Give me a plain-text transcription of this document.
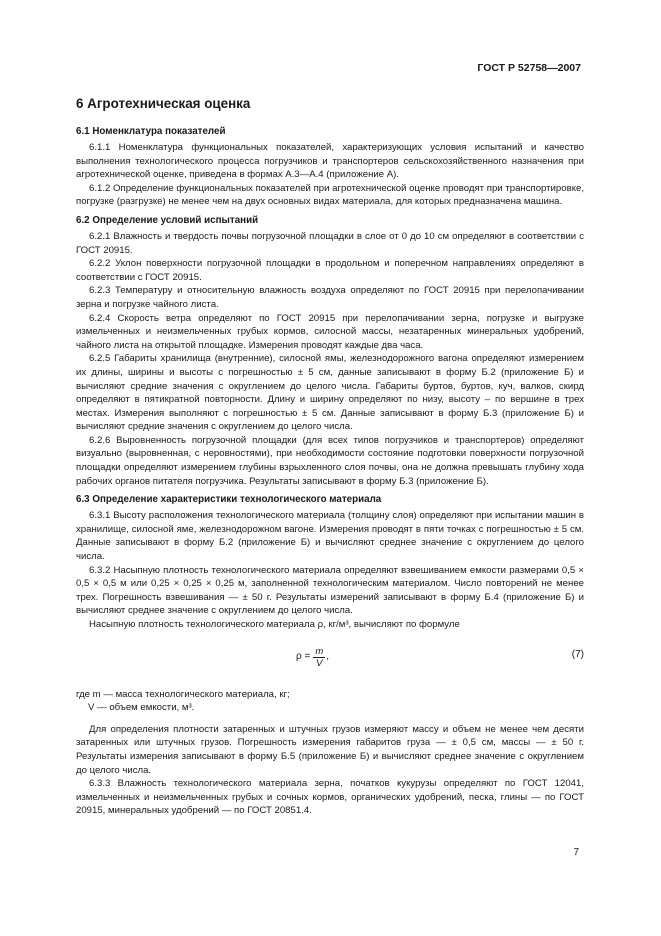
ГОСТ Р 52758—2007
6 Агротехническая оценка
6.1 Номенклатура показателей

6.1.1 Номенклатура функциональных показателей, характеризующих условия испытаний и качество выполнения технологического процесса погрузчиков и транспортеров сельскохозяйственного назначения при агротехнической оценке, приведена в формах А.3—А.4 (приложение А).

6.1.2 Определение функциональных показателей при агротехнической оценке проводят при транспортировке, погрузке (разгрузке) не менее чем на двух основных видах материала, для которых предназначена машина.

6.2 Определение условий испытаний

6.2.1 Влажность и твердость почвы погрузочной площадки в слое от 0 до 10 см определяют в соответствии с ГОСТ 20915.

6.2.2 Уклон поверхности погрузочной площадки в продольном и поперечном направлениях определяют в соответствии с ГОСТ 20915.

6.2.3 Температуру и относительную влажность воздуха определяют по ГОСТ 20915 при перелопачивании зерна и погрузке чайного листа.

6.2.4 Скорость ветра определяют по ГОСТ 20915 при перелопачивании зерна, погрузке и выгрузке измельченных и неизмельченных грубых кормов, силосной массы, незатаренных минеральных удобрений, чайного листа на открытой площадке. Измерения проводят каждые два часа.

6.2.5 Габариты хранилища (внутренние), силосной ямы, железнодорожного вагона определяют измерением их длины, ширины и высоты с погрешностью ± 5 см, данные записывают в форму Б.2 (приложение Б) и вычисляют средние значения с округлением до целого числа. Габариты буртов, буртов, куч, валков, скирд определяют в пятикратной повторности. Длину и ширину определяют по низу, высоту – по вершине в трех местах. Измерения выполняют с погрешностью ± 5 см. Данные записывают в форму Б.3 (приложение Б) и вычисляют средние значения с округлением до целого числа.

6.2.6 Выровненность погрузочной площадки (для всех типов погрузчиков и транспортеров) определяют визуально (выровненная, с неровностями), при необходимости состояние подготовки поверхности погрузочной площадки определяют измерением глубины взрыхленного слоя почвы, она не должна превышать глубину хода рабочих органов питателя погрузчика. Результаты записывают в форму Б.3 (приложение Б).

6.3 Определение характеристики технологического материала

6.3.1 Высоту расположения технологического материала (толщину слоя) определяют при испытании машин в хранилище, силосной яме, железнодорожном вагоне. Измерения проводят в пяти точках с погрешностью ± 5 см. Данные записывают в форму Б.2 (приложение Б) и вычисляют среднее значение с округлением до целого числа.

6.3.2 Насыпную плотность технологического материала определяют взвешиванием емкости размерами 0,5 × 0,5 × 0,5 м или 0,25 × 0,25 × 0,25 м, заполненной технологическим материалом. Число повторений не менее трех. Погрешность взвешивания — ± 50 г. Результаты измерений записывают в форму Б.4 (приложение Б) и вычисляют среднее значение с округлением до целого числа.

Насыпную плотность технологического материала ρ, кг/м³, вычисляют по формуле

$\rho = \frac{m}{V}$ ,	(7)

где m — масса технологического материала, кг;

V — объем емкости, м³.

Для определения плотности затаренных и штучных грузов измеряют массу и объем не менее чем десяти затаренных или штучных грузов. Погрешность измерения габаритов груза — ± 0,5 см, массы — ± 50 г. Результаты измерения записывают в форму Б.5 (приложение Б) и вычисляют среднее значение с округлением до целого числа.

6.3.3 Влажность технологического материала зерна, початков кукурузы определяют по ГОСТ 12041, измельченных и неизмельченных грубых и сочных кормов, органических удобрений, песка, глины — по ГОСТ 20915, минеральных удобрений — по ГОСТ 20851.4.

7
